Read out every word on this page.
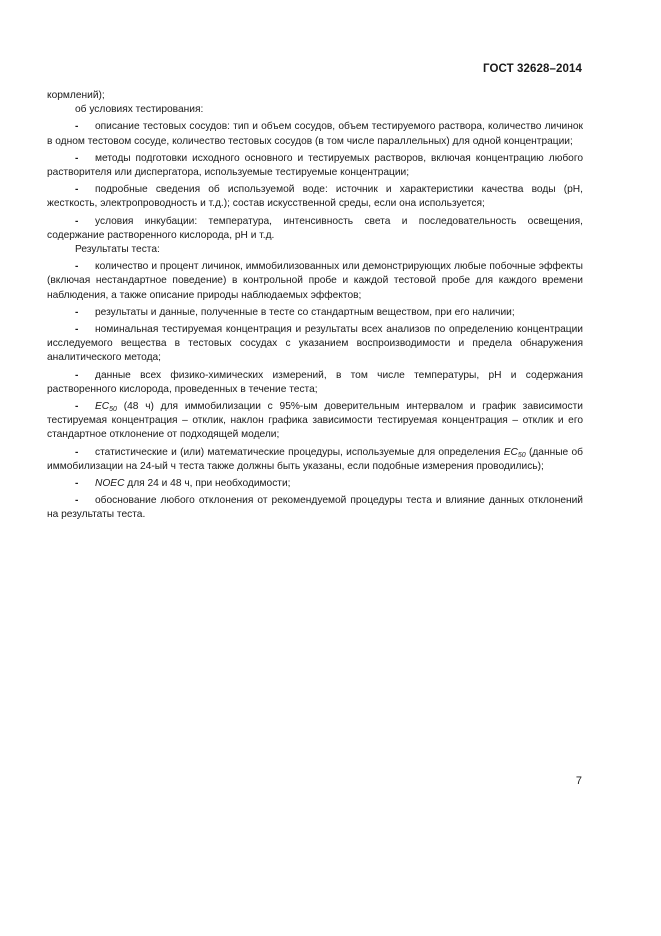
ГОСТ 32628–2014

кормлений);

об условиях тестирования:

- описание тестовых сосудов: тип и объем сосудов, объем тестируемого раствора, количество личинок в одном тестовом сосуде, количество тестовых сосудов (в том числе параллельных) для одной концентрации;

- методы подготовки исходного основного и тестируемых растворов, включая концентрацию любого растворителя или диспергатора, используемые тестируемые концентрации;

- подробные сведения об используемой воде: источник и характеристики качества воды (рН, жесткость, электропроводность и т.д.); состав искусственной среды, если она используется;

- условия инкубации: температура, интенсивность света и последовательность освещения, содержание растворенного кислорода, рН и т.д.

Результаты теста:

- количество и процент личинок, иммобилизованных или демонстрирующих любые побочные эффекты (включая нестандартное поведение) в контрольной пробе и каждой тестовой пробе для каждого времени наблюдения, а также описание природы наблюдаемых эффектов;

- результаты и данные, полученные в тесте со стандартным веществом, при его наличии;

- номинальная тестируемая концентрация и результаты всех анализов по определению концентрации исследуемого вещества в тестовых сосудах с указанием воспроизводимости и предела обнаружения аналитического метода;

- данные всех физико-химических измерений, в том числе температуры, рН и содержания растворенного кислорода, проведенных в течение теста;

- $EC_{50}$ (48 ч) для иммобилизации с 95%-ым доверительным интервалом и график зависимости тестируемая концентрация – отклик, наклон графика зависимости тестируемая концентрация – отклик и его стандартное отклонение от подходящей модели;

- статистические и (или) математические процедуры, используемые для определения $EC_{50}$ (данные об иммобилизации на 24-ый ч теста также должны быть указаны, если подобные измерения проводились);

- NOEC для 24 и 48 ч, при необходимости;

- обоснование любого отклонения от рекомендуемой процедуры теста и влияние данных отклонений на результаты теста.

7
